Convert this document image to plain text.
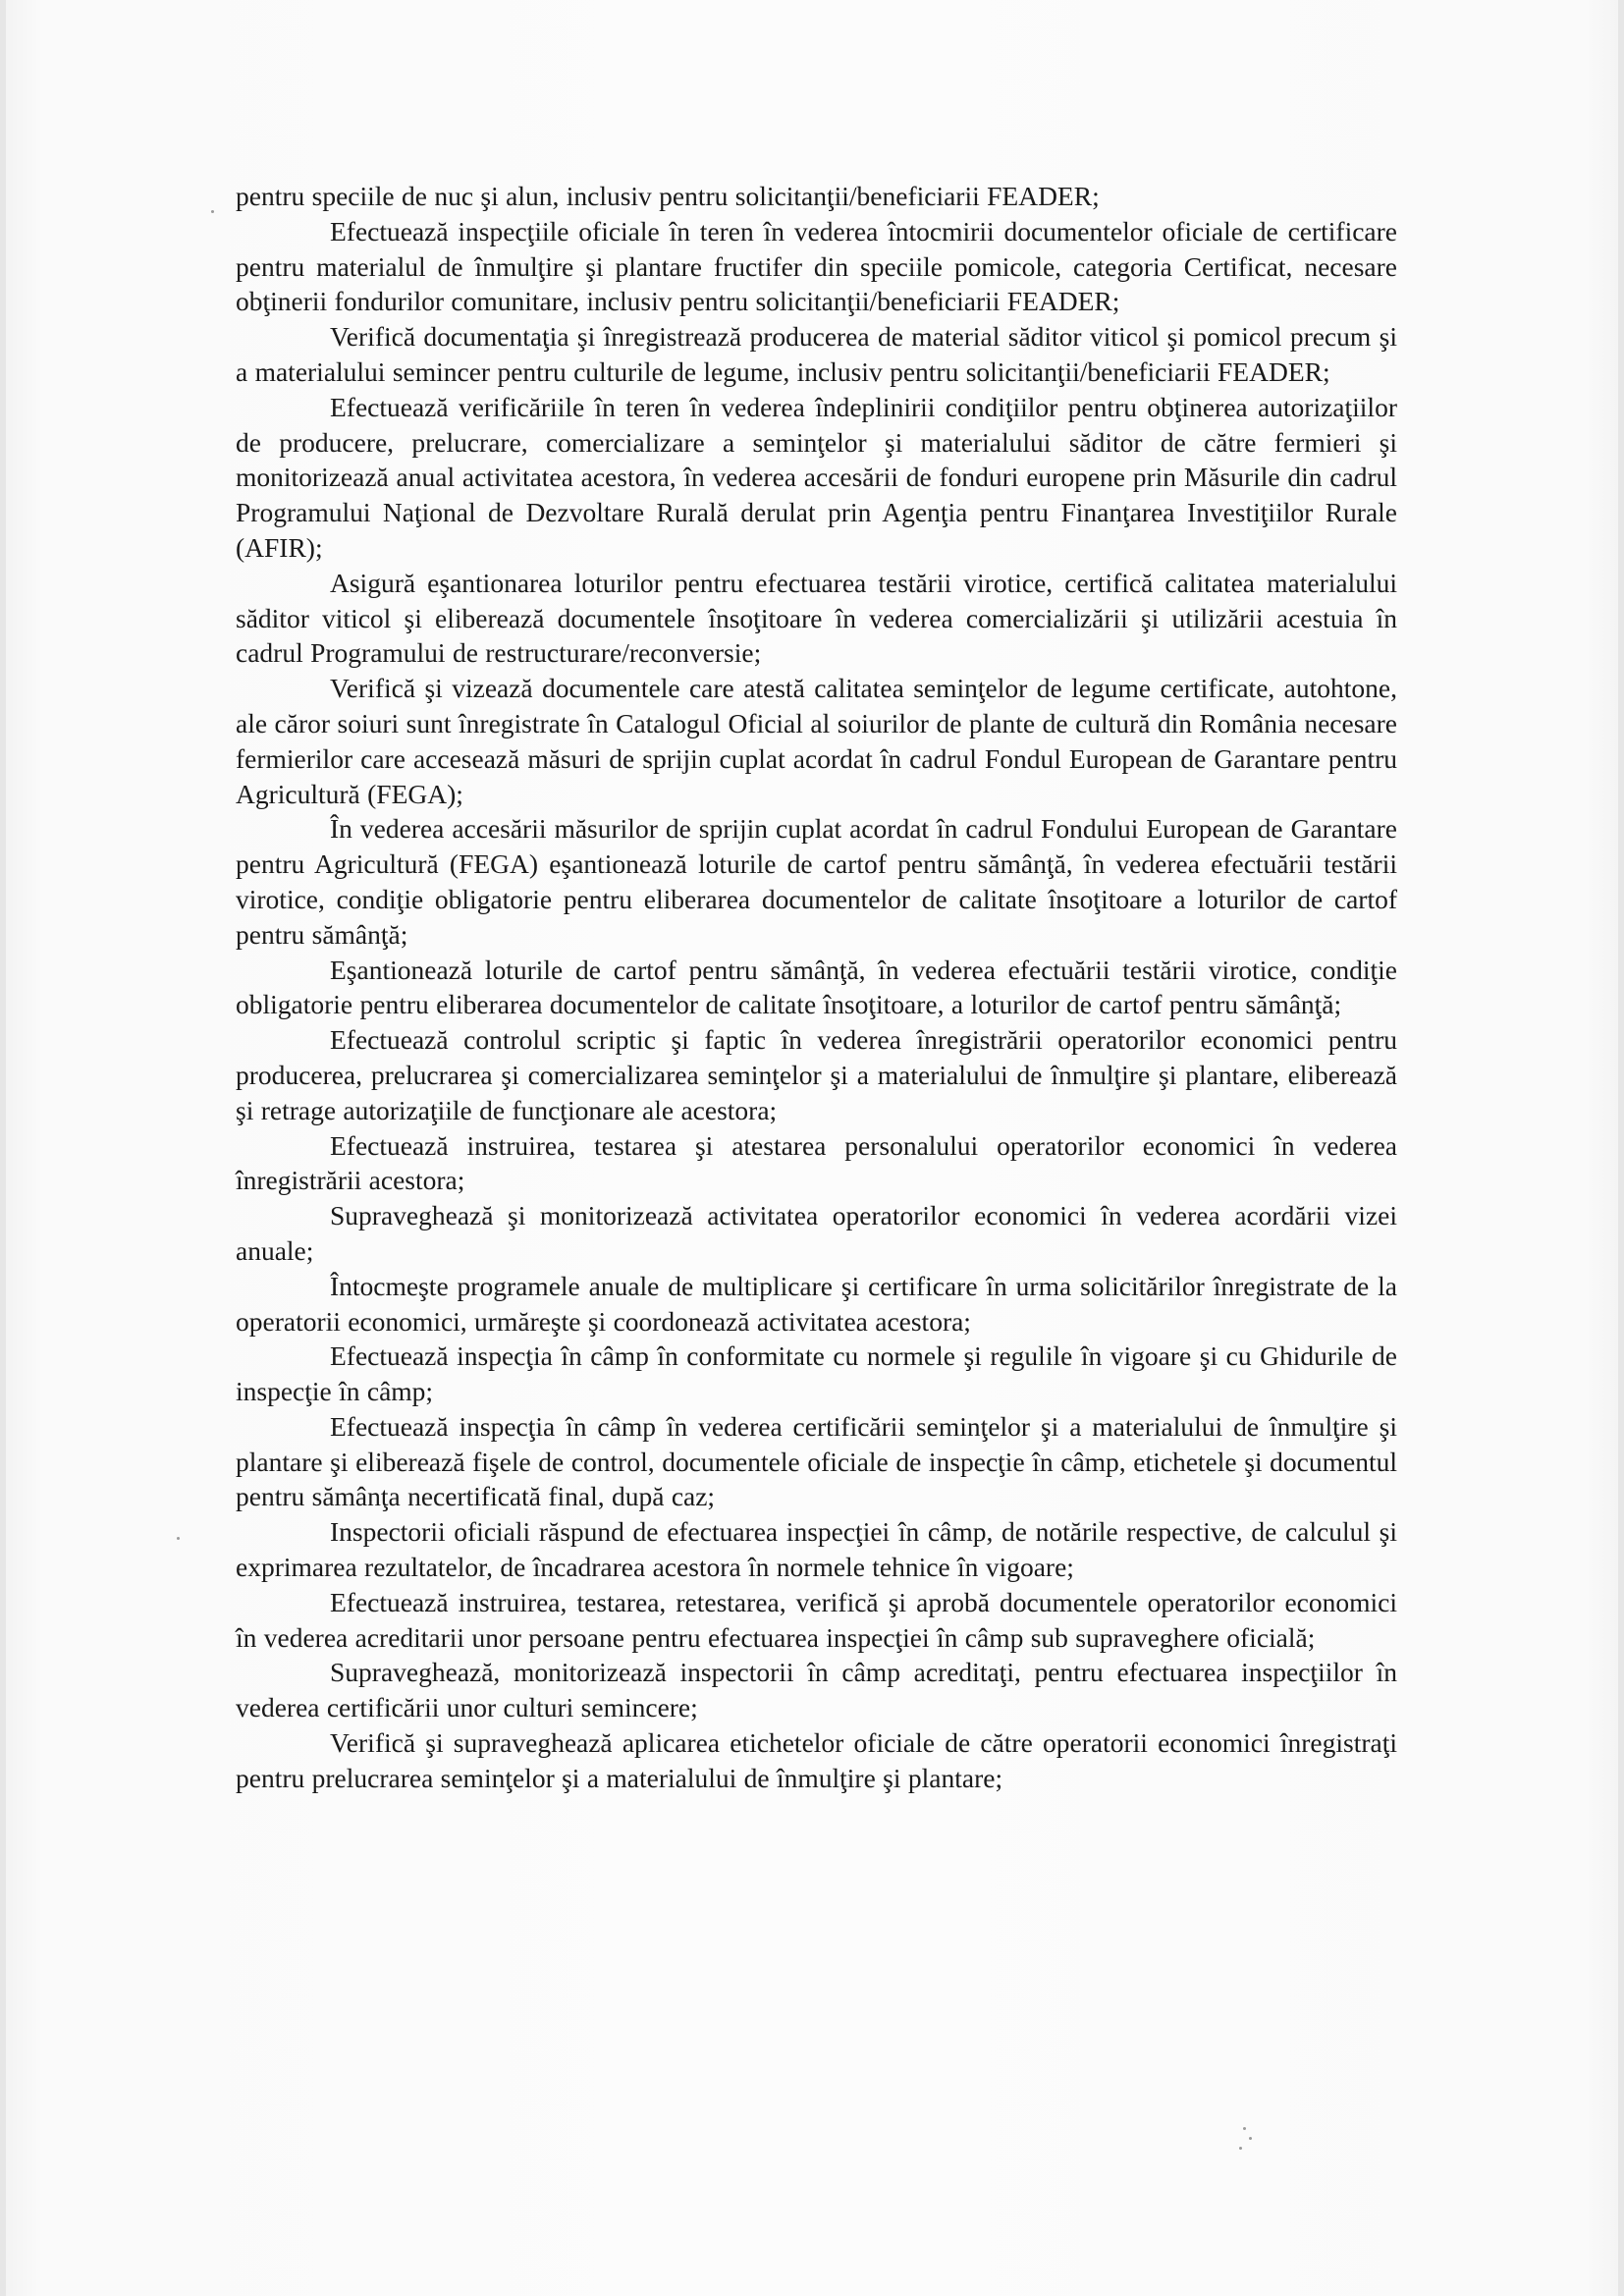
pentru speciile de nuc şi alun, inclusiv pentru solicitanţii/beneficiarii FEADER;

Efectuează inspecţiile oficiale în teren în vederea întocmirii documentelor oficiale de certificare pentru materialul de înmulţire şi plantare fructifer din speciile pomicole, categoria Certificat, necesare obţinerii fondurilor comunitare, inclusiv pentru solicitanţii/beneficiarii FEADER;

Verifică documentaţia şi înregistrează producerea de material săditor viticol şi pomicol precum şi a materialului semincer pentru culturile de legume, inclusiv pentru solicitanţii/beneficiarii FEADER;

Efectuează verificăriile în teren în vederea îndeplinirii condiţiilor pentru obţinerea autorizaţiilor de producere, prelucrare, comercializare a seminţelor şi materialului săditor de către fermieri şi monitorizează anual activitatea acestora, în vederea accesării de fonduri europene prin Măsurile din cadrul Programului Naţional de Dezvoltare Rurală derulat prin Agenţia pentru Finanţarea Investiţiilor Rurale (AFIR);

Asigură eşantionarea loturilor pentru efectuarea testării virotice, certifică calitatea materialului săditor viticol şi eliberează documentele însoţitoare în vederea comercializării şi utilizării acestuia în cadrul Programului de restructurare/reconversie;

Verifică şi vizează documentele care atestă calitatea seminţelor de legume certificate, autohtone, ale căror soiuri sunt înregistrate în Catalogul Oficial al soiurilor de plante de cultură din România necesare fermierilor care accesează măsuri de sprijin cuplat acordat în cadrul Fondul European de Garantare pentru Agricultură (FEGA);

În vederea accesării măsurilor de sprijin cuplat acordat în cadrul Fondului European de Garantare pentru Agricultură (FEGA) eşantionează loturile de cartof pentru sămânţă, în vederea efectuării testării virotice, condiţie obligatorie pentru eliberarea documentelor de calitate însoţitoare a loturilor de cartof pentru sămânţă;

Eşantionează loturile de cartof pentru sămânţă, în vederea efectuării testării virotice, condiţie obligatorie pentru eliberarea documentelor de calitate însoţitoare, a loturilor de cartof pentru sămânţă;

Efectuează controlul scriptic şi faptic în vederea înregistrării operatorilor economici pentru producerea, prelucrarea şi comercializarea seminţelor şi a materialului de înmulţire şi plantare, eliberează şi retrage autorizaţiile de funcţionare ale acestora;

Efectuează instruirea, testarea şi atestarea personalului operatorilor economici în vederea înregistrării acestora;

Supraveghează şi monitorizează activitatea operatorilor economici în vederea acordării vizei anuale;

Întocmeşte programele anuale de multiplicare şi certificare în urma solicitărilor înregistrate de la operatorii economici, urmăreşte şi coordonează activitatea acestora;

Efectuează inspecţia în câmp în conformitate cu normele şi regulile în vigoare şi cu Ghidurile de inspecţie în câmp;

Efectuează inspecţia în câmp în vederea certificării seminţelor şi a materialului de înmulţire şi plantare şi eliberează fişele de control, documentele oficiale de inspecţie în câmp, etichetele şi documentul pentru sămânţa necertificată final, după caz;

Inspectorii oficiali răspund de efectuarea inspecţiei în câmp, de notările respective, de calculul şi exprimarea rezultatelor, de încadrarea acestora în normele tehnice în vigoare;

Efectuează instruirea, testarea, retestarea, verifică şi aprobă documentele operatorilor economici în vederea acreditarii unor persoane pentru efectuarea inspecţiei în câmp sub supraveghere oficială;

Supraveghează, monitorizează inspectorii în câmp acreditaţi, pentru efectuarea inspecţiilor în vederea certificării unor culturi semincere;

Verifică şi supraveghează aplicarea etichetelor oficiale de către operatorii economici înregistraţi pentru prelucrarea seminţelor şi a materialului de înmulţire şi plantare;
